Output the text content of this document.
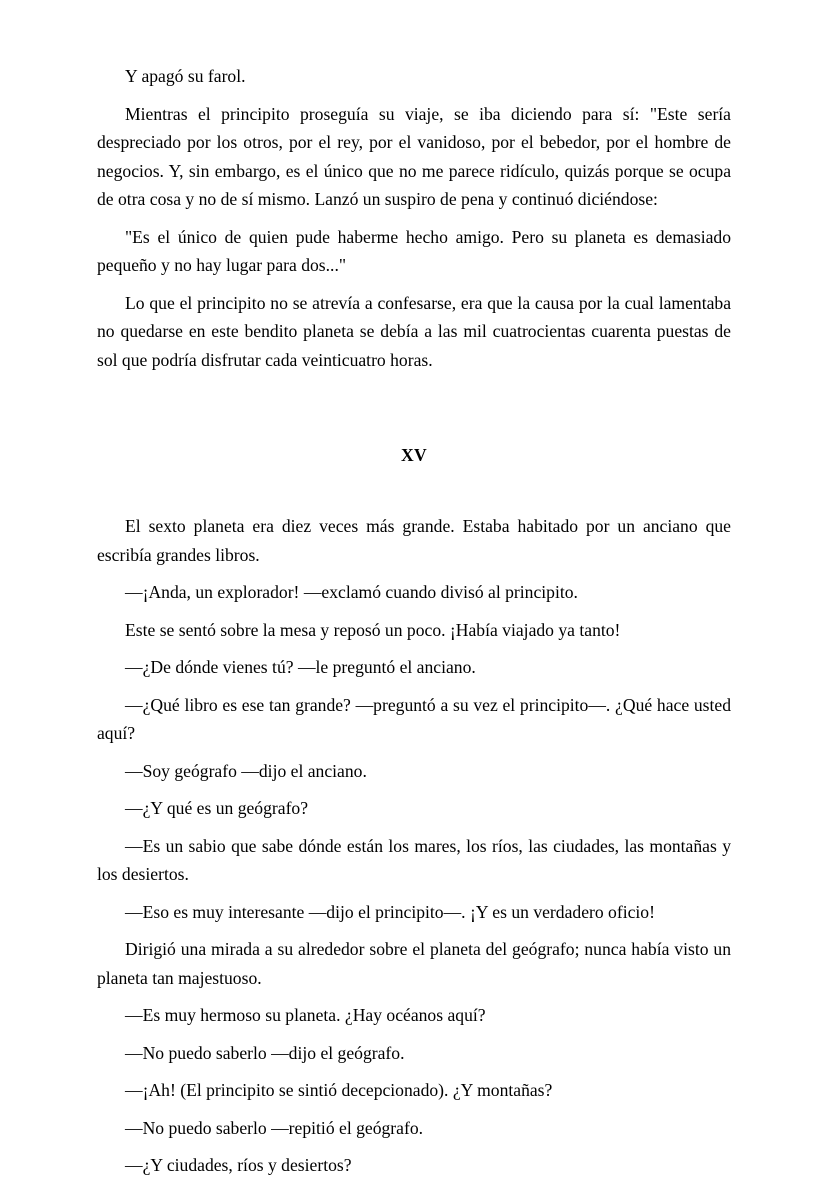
Y apagó su farol.

Mientras el principito proseguía su viaje, se iba diciendo para sí: "Este sería despreciado por los otros, por el rey, por el vanidoso, por el bebedor, por el hombre de negocios. Y, sin embargo, es el único que no me parece ridículo, quizás porque se ocupa de otra cosa y no de sí mismo. Lanzó un suspiro de pena y continuó diciéndose:

"Es el único de quien pude haberme hecho amigo. Pero su planeta es demasiado pequeño y no hay lugar para dos..."

Lo que el principito no se atrevía a confesarse, era que la causa por la cual lamentaba no quedarse en este bendito planeta se debía a las mil cuatrocientas cuarenta puestas de sol que podría disfrutar cada veinticuatro horas.

XV

El sexto planeta era diez veces más grande. Estaba habitado por un anciano que escribía grandes libros.

—¡Anda, un explorador! —exclamó cuando divisó al principito.

Este se sentó sobre la mesa y reposó un poco. ¡Había viajado ya tanto!

—¿De dónde vienes tú? —le preguntó el anciano.

—¿Qué libro es ese tan grande? —preguntó a su vez el principito—. ¿Qué hace usted aquí?

—Soy geógrafo —dijo el anciano.

—¿Y qué es un geógrafo?

—Es un sabio que sabe dónde están los mares, los ríos, las ciudades, las montañas y los desiertos.

—Eso es muy interesante —dijo el principito—. ¡Y es un verdadero oficio!

Dirigió una mirada a su alrededor sobre el planeta del geógrafo; nunca había visto un planeta tan majestuoso.

—Es muy hermoso su planeta. ¿Hay océanos aquí?

—No puedo saberlo —dijo el geógrafo.

—¡Ah! (El principito se sintió decepcionado). ¿Y montañas?

—No puedo saberlo —repitió el geógrafo.

—¿Y ciudades, ríos y desiertos?
